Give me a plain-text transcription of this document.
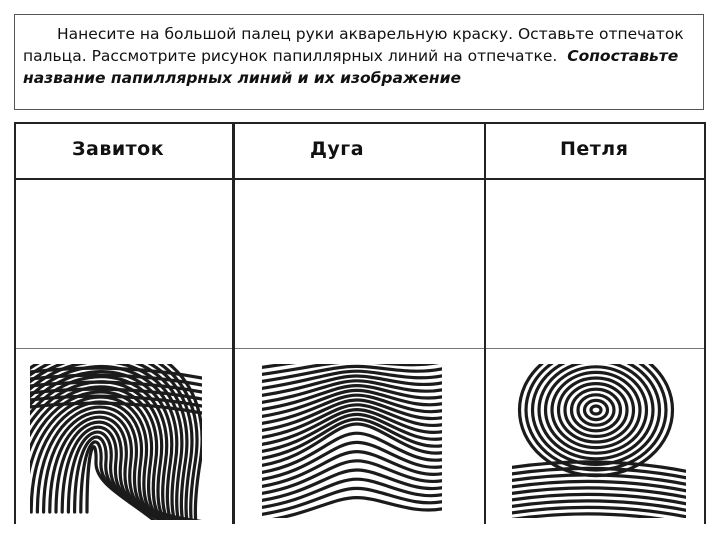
Нанесите на большой палец руки акварельную краску. Оставьте отпечаток пальца. Рассмотрите рисунок папиллярных линий на отпечатке. Сопоставьте название папиллярных линий и их изображение

Завиток	Дуга	Петля
